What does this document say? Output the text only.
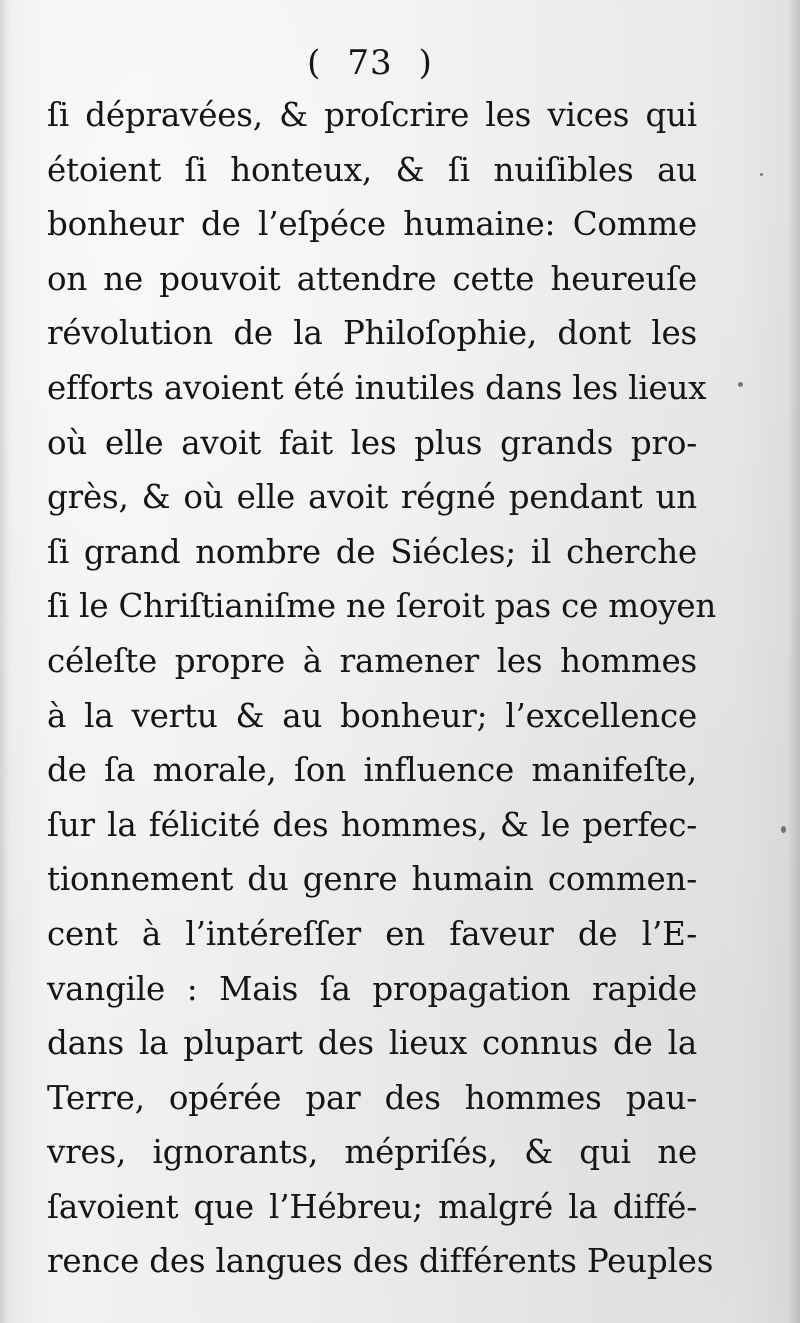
( 73 )
ſi dépravées, & proſcrire les vices qui
étoient ſi honteux, & ſi nuiſibles au
bonheur de l’eſpéce humaine: Comme
on ne pouvoit attendre cette heureuſe
révolution de la Philoſophie, dont les
efforts avoient été inutiles dans les lieux
où elle avoit fait les plus grands pro-
grès, & où elle avoit régné pendant un
ſi grand nombre de Siécles; il cherche
ſi le Chriſtianiſme ne ſeroit pas ce moyen
céleſte propre à ramener les hommes
à la vertu & au bonheur; l’excellence
de ſa morale, ſon influence manifeſte,
ſur la félicité des hommes, & le perfec-
tionnement du genre humain commen-
cent à l’intéreſſer en faveur de l’E-
vangile : Mais ſa propagation rapide
dans la plupart des lieux connus de la
Terre, opérée par des hommes pau-
vres, ignorants, mépriſés, & qui ne
ſavoient que l’Hébreu; malgré la diffé-
rence des langues des différents Peuples
